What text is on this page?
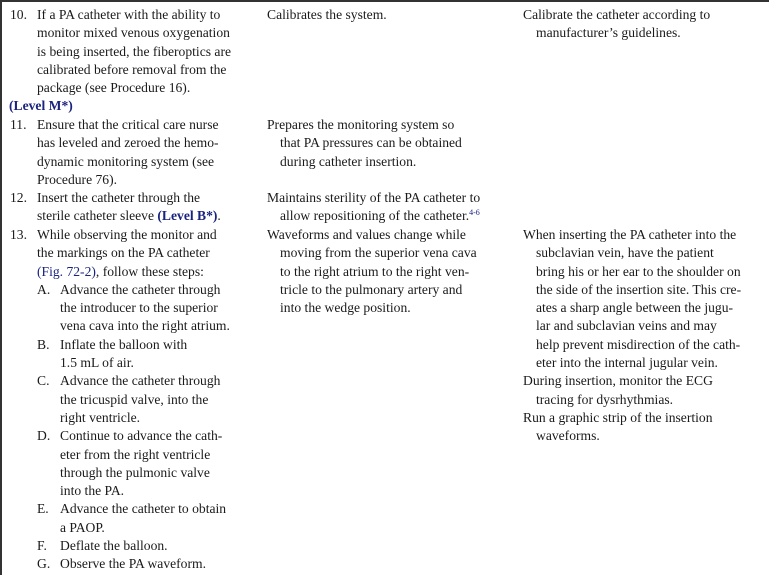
10. If a PA catheter with the ability to
monitor mixed venous oxygenation
is being inserted, the fiberoptics are
calibrated before removal from the
package (see Procedure 16).
(Level M*)
Calibrates the system.	Calibrate the catheter according to
manufacturer’s guidelines.
11. Ensure that the critical care nurse
has leveled and zeroed the hemo-
dynamic monitoring system (see
Procedure 76).
Prepares the monitoring system so
that PA pressures can be obtained
during catheter insertion.
12. Insert the catheter through the
sterile catheter sleeve (Level B*).
Maintains sterility of the PA catheter to
allow repositioning of the catheter.$^{4-6}$
13. While observing the monitor and
the markings on the PA catheter
(Fig. 72-2), follow these steps:
A. Advance the catheter through
the introducer to the superior
vena cava into the right atrium.
B. Inflate the balloon with
1.5 mL of air.
C. Advance the catheter through
the tricuspid valve, into the
right ventricle.
D. Continue to advance the cath-
eter from the right ventricle
through the pulmonic valve
into the PA.
E. Advance the catheter to obtain
a PAOP.
F. Deflate the balloon.
G. Observe the PA waveform.
Waveforms and values change while
moving from the superior vena cava
to the right atrium to the right ven-
tricle to the pulmonary artery and
into the wedge position.
When inserting the PA catheter into the
subclavian vein, have the patient
bring his or her ear to the shoulder on
the side of the insertion site. This cre-
ates a sharp angle between the jugu-
lar and subclavian veins and may
help prevent misdirection of the cath-
eter into the internal jugular vein.
During insertion, monitor the ECG
tracing for dysrhythmias.
Run a graphic strip of the insertion
waveforms.
